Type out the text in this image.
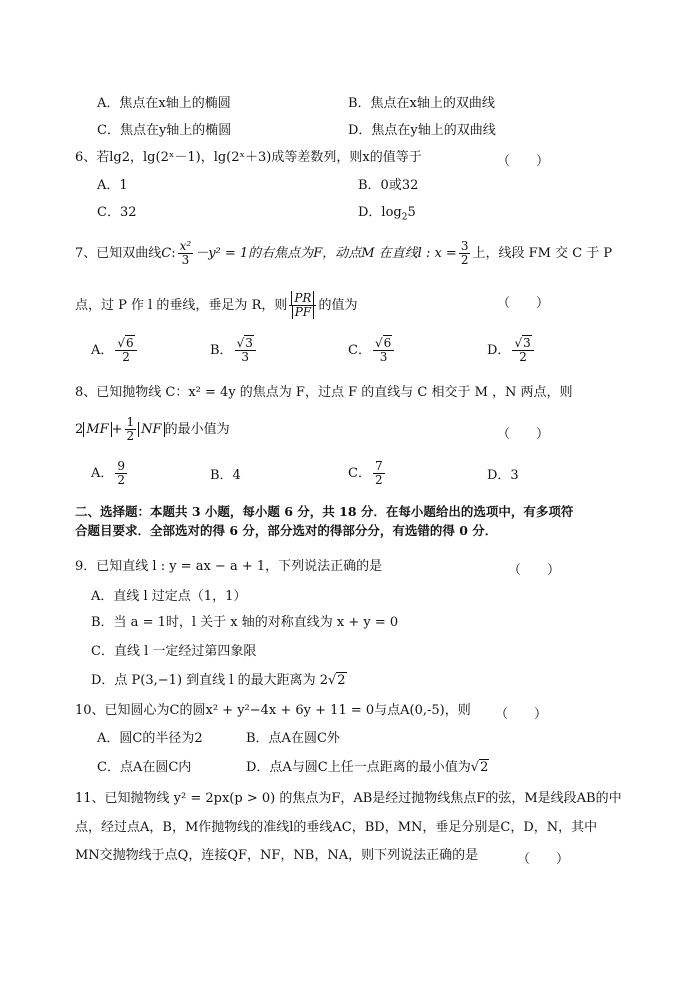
A．焦点在x轴上的椭圆	B．焦点在x轴上的双曲线
C．焦点在y轴上的椭圆	D．焦点在y轴上的双曲线
6、若lg2，lg(2ˣ－1)，lg(2ˣ＋3)成等差数列，则x的值等于	（　　）
A．1	B．0或32
C．32	D．$\log_25$
7、已知双曲线C: $\frac{\text{x²}}{3} -y^2 = 1$的右焦点为F，动点M 在直线l : $x = \frac{3}{2}$ 上，线段 FM 交 C 于 P
点，过 P 作 l 的垂线，垂足为 R，则 $\frac{PR}{PF}$ 的值为	（　　）
A． $\frac{√6}{2}$	B． $\frac{√3}{3}$	C． $\frac{√6}{3}$	D． $\frac{√3}{2}$
8、已知抛物线 C：x² = 4y 的焦点为 F，过点 F 的直线与 C 相交于 M ，N 两点，则
2 MF + $\frac{1}{2}$ NF 的最小值为	（　　）
A． $\frac{9}{2}$	B．4	C． $\frac{7}{2}$	D．3
二、选择题：本题共 3 小题，每小题 6 分，共 18 分．在每小题给出的选项中，有多项符
合题目要求．全部选对的得 6 分，部分选对的得部分分，有选错的得 0 分．
9．已知直线 l : y = ax − a + 1，下列说法正确的是	（　　）
A．直线 l 过定点（1，1）
B．当 a = 1时，l 关于 x 轴的对称直线为 x + y = 0
C．直线 l 一定经过第四象限
D．点 P(3,−1) 到直线 l 的最大距离为 2√2
10、已知圆心为C的圆x² + y²−4x + 6y + 11 = 0与点A(0,-5)，则 （　　）
A．圆C的半径为2	B．点A在圆C外
C．点A在圆C内	D．点A与圆C上任一点距离的最小值为√2
11、已知抛物线 y² = 2px(p > 0) 的焦点为F，AB是经过抛物线焦点F的弦，M是线段AB的中
点，经过点A，B，M作抛物线的准线l的垂线AC，BD，MN，垂足分别是C，D，N，其中
MN交抛物线于点Q，连接QF，NF，NB，NA，则下列说法正确的是	（　　）
